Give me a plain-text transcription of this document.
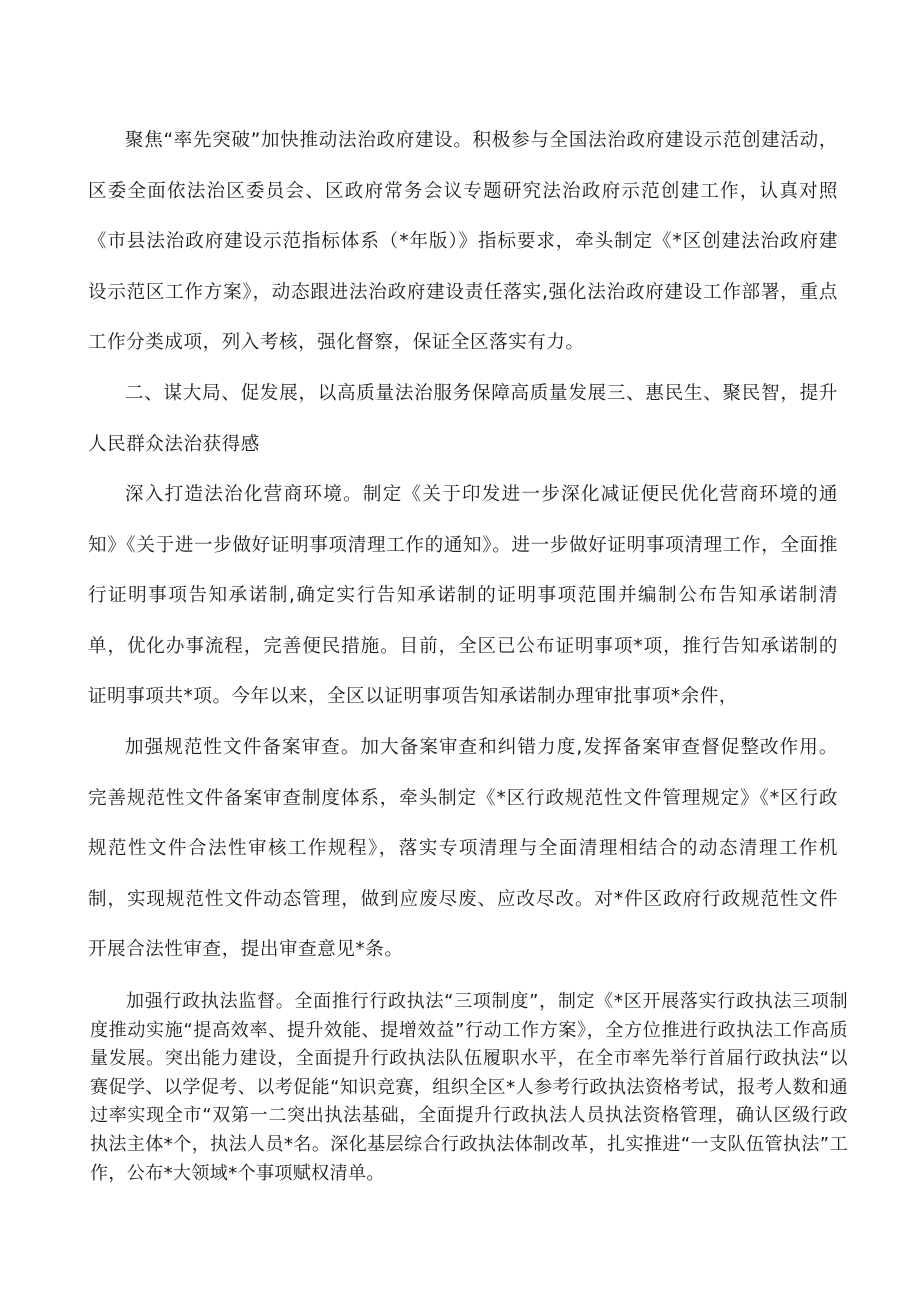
聚焦“率先突破”加快推动法治政府建设。积极参与全国法治政府建设示范创建活动，区委全面依法治区委员会、区政府常务会议专题研究法治政府示范创建工作，认真对照《市县法治政府建设示范指标体系（*年版）》指标要求，牵头制定《*区创建法治政府建设示范区工作方案》，动态跟进法治政府建设责任落实,强化法治政府建设工作部署，重点工作分类成项，列入考核，强化督察，保证全区落实有力。

二、谋大局、促发展，以高质量法治服务保障高质量发展三、惠民生、聚民智，提升人民群众法治获得感

深入打造法治化营商环境。制定《关于印发进一步深化减证便民优化营商环境的通知》《关于进一步做好证明事项清理工作的通知》。进一步做好证明事项清理工作，全面推行证明事项告知承诺制,确定实行告知承诺制的证明事项范围并编制公布告知承诺制清单，优化办事流程，完善便民措施。目前，全区已公布证明事项*项，推行告知承诺制的证明事项共*项。今年以来，全区以证明事项告知承诺制办理审批事项*余件，

加强规范性文件备案审查。加大备案审查和纠错力度,发挥备案审查督促整改作用。完善规范性文件备案审查制度体系，牵头制定《*区行政规范性文件管理规定》《*区行政规范性文件合法性审核工作规程》，落实专项清理与全面清理相结合的动态清理工作机制，实现规范性文件动态管理，做到应废尽废、应改尽改。对*件区政府行政规范性文件开展合法性审查，提出审查意见*条。

加强行政执法监督。全面推行行政执法“三项制度”，制定《*区开展落实行政执法三项制度推动实施“提高效率、提升效能、提增效益”行动工作方案》，全方位推进行政执法工作高质量发展。突出能力建设，全面提升行政执法队伍履职水平，在全市率先举行首届行政执法“以赛促学、以学促考、以考促能“知识竞赛，组织全区*人参考行政执法资格考试，报考人数和通过率实现全市“双第一二突出执法基础，全面提升行政执法人员执法资格管理，确认区级行政执法主体*个，执法人员*名。深化基层综合行政执法体制改革，扎实推进“一支队伍管执法”工作，公布*大领域*个事项赋权清单。
